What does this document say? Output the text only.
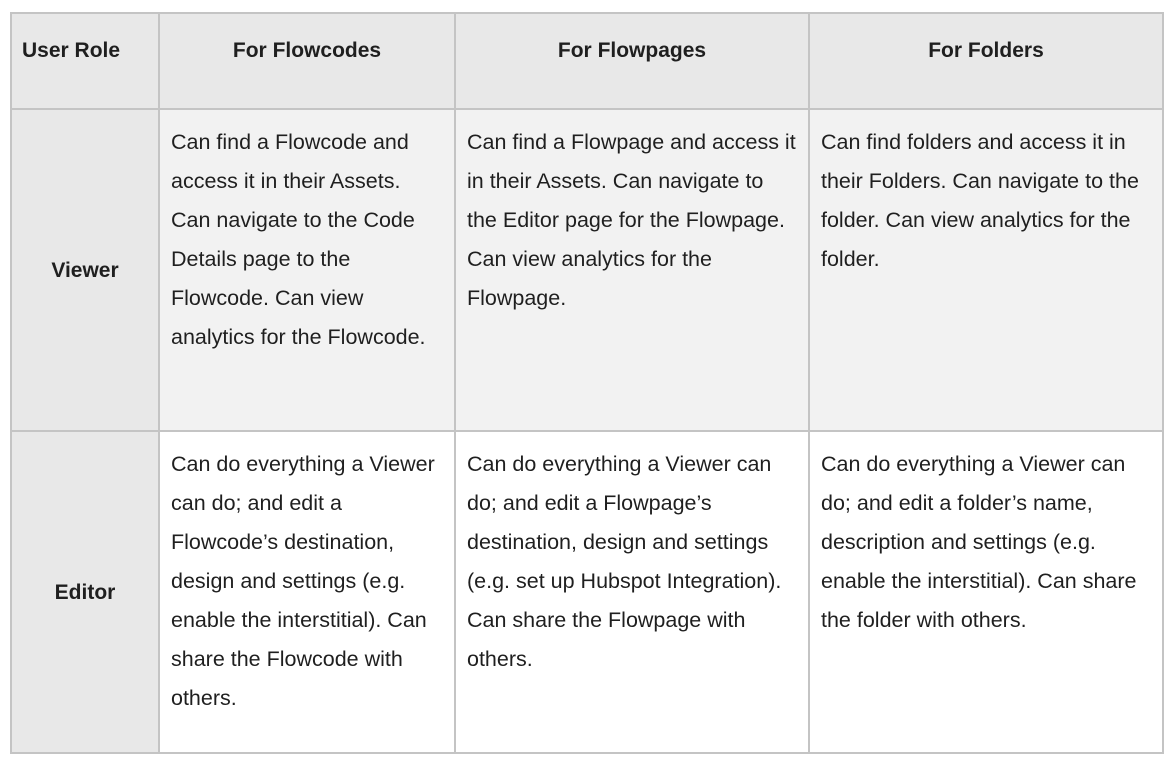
User Role	For Flowcodes	For Flowpages	For Folders
Viewer	Can find a Flowcode and access it in their Assets. Can navigate to the Code Details page to the Flowcode. Can view analytics for the Flowcode.	Can find a Flowpage and access it in their Assets. Can navigate to the Editor page for the Flowpage. Can view analytics for the Flowpage.	Can find folders and access it in their Folders. Can navigate to the folder. Can view analytics for the folder.
Editor	Can do everything a Viewer can do; and edit a Flowcode’s destination, design and settings (e.g. enable the interstitial). Can share the Flowcode with others.	Can do everything a Viewer can do; and edit a Flowpage’s destination, design and settings (e.g. set up Hubspot Integration). Can share the Flowpage with others.	Can do everything a Viewer can do; and edit a folder’s name, description and settings (e.g. enable the interstitial). Can share the folder with others.
